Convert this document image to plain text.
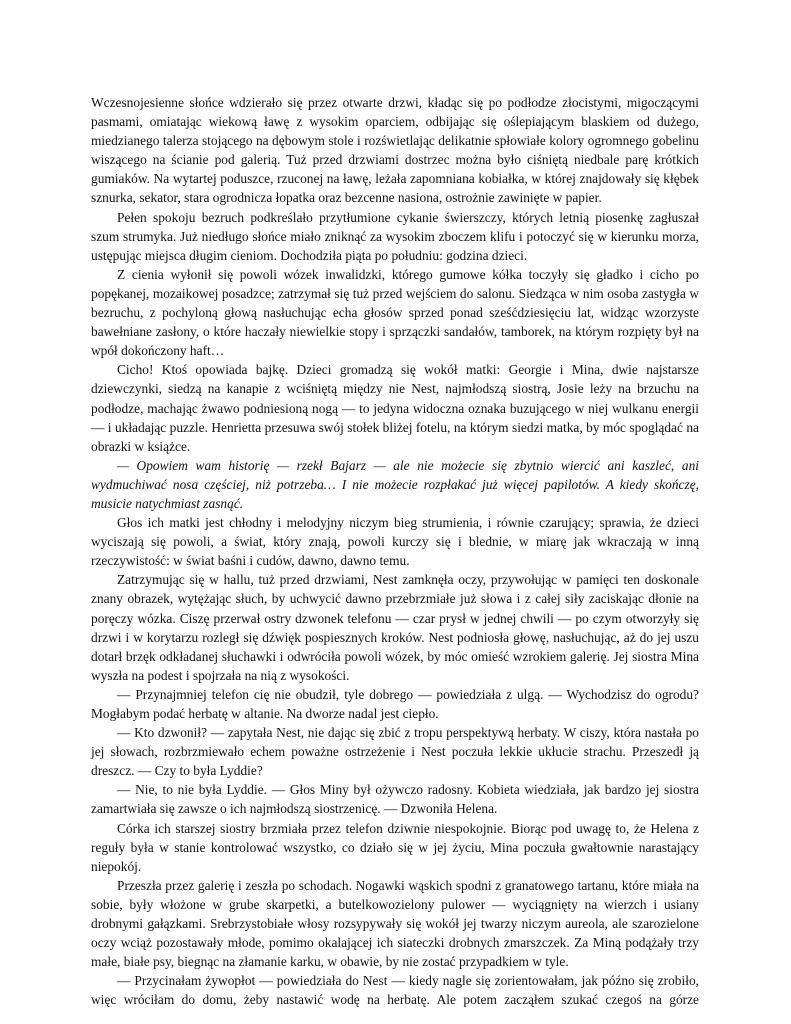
Wczesnojesienne słońce wdzierało się przez otwarte drzwi, kładąc się po podłodze złocistymi, migoczącymi pasmami, omiatając wiekową ławę z wysokim oparciem, odbijając się oślepiającym blaskiem od dużego, miedzianego talerza stojącego na dębowym stole i rozświetlając delikatnie spłowiałe kolory ogromnego gobelinu wiszącego na ścianie pod galerią. Tuż przed drzwiami dostrzec można było ciśniętą niedbale parę krótkich gumiaków. Na wytartej poduszce, rzuconej na ławę, leżała zapomniana kobiałka, w której znajdowały się kłębek sznurka, sekator, stara ogrodnicza łopatka oraz bezcenne nasiona, ostrożnie zawinięte w papier.

Pełen spokoju bezruch podkreślało przytłumione cykanie świerszczy, których letnią piosenkę zagłuszał szum strumyka. Już niedługo słońce miało zniknąć za wysokim zboczem klifu i potoczyć się w kierunku morza, ustępując miejsca długim cieniom. Dochodziła piąta po południu: godzina dzieci.

Z cienia wyłonił się powoli wózek inwalidzki, którego gumowe kółka toczyły się gładko i cicho po popękanej, mozaikowej posadzce; zatrzymał się tuż przed wejściem do salonu. Siedząca w nim osoba zastygła w bezruchu, z pochyloną głową nasłuchując echa głosów sprzed ponad sześćdziesięciu lat, widząc wzorzyste bawełniane zasłony, o które haczały niewielkie stopy i sprzączki sandałów, tamborek, na którym rozpięty był na wpół dokończony haft…

Cicho! Ktoś opowiada bajkę. Dzieci gromadzą się wokół matki: Georgie i Mina, dwie najstarsze dziewczynki, siedzą na kanapie z wciśniętą między nie Nest, najmłodszą siostrą, Josie leży na brzuchu na podłodze, machając żwawo podniesioną nogą — to jedyna widoczna oznaka buzującego w niej wulkanu energii — i układając puzzle. Henrietta przesuwa swój stołek bliżej fotelu, na którym siedzi matka, by móc spoglądać na obrazki w książce.

— Opowiem wam historię — rzekł Bajarz — ale nie możecie się zbytnio wiercić ani kaszleć, ani wydmuchiwać nosa częściej, niż potrzeba… I nie możecie rozpłakać już więcej papilotów. A kiedy skończę, musicie natychmiast zasnąć.

Głos ich matki jest chłodny i melodyjny niczym bieg strumienia, i równie czarujący; sprawia, że dzieci wyciszają się powoli, a świat, który znają, powoli kurczy się i blednie, w miarę jak wkraczają w inną rzeczywistość: w świat baśni i cudów, dawno, dawno temu.

Zatrzymując się w hallu, tuż przed drzwiami, Nest zamknęła oczy, przywołując w pamięci ten doskonale znany obrazek, wytężając słuch, by uchwycić dawno przebrzmiałe już słowa i z całej siły zaciskając dłonie na poręczy wózka. Ciszę przerwał ostry dzwonek telefonu — czar prysł w jednej chwili — po czym otworzyły się drzwi i w korytarzu rozległ się dźwięk pospiesznych kroków. Nest podniosła głowę, nasłuchując, aż do jej uszu dotarł brzęk odkładanej słuchawki i odwróciła powoli wózek, by móc omieść wzrokiem galerię. Jej siostra Mina wyszła na podest i spojrzała na nią z wysokości.

— Przynajmniej telefon cię nie obudził, tyle dobrego — powiedziała z ulgą. — Wychodzisz do ogrodu? Mogłabym podać herbatę w altanie. Na dworze nadal jest ciepło.

— Kto dzwonił? — zapytała Nest, nie dając się zbić z tropu perspektywą herbaty. W ciszy, która nastała po jej słowach, rozbrzmiewało echem poważne ostrzeżenie i Nest poczuła lekkie ukłucie strachu. Przeszedł ją dreszcz. — Czy to była Lyddie?

— Nie, to nie była Lyddie. — Głos Miny był ożywczo radosny. Kobieta wiedziała, jak bardzo jej siostra zamartwiała się zawsze o ich najmłodszą siostrzenicę. — Dzwoniła Helena.

Córka ich starszej siostry brzmiała przez telefon dziwnie niespokojnie. Biorąc pod uwagę to, że Helena z reguły była w stanie kontrolować wszystko, co działo się w jej życiu, Mina poczuła gwałtownie narastający niepokój.

Przeszła przez galerię i zeszła po schodach. Nogawki wąskich spodni z granatowego tartanu, które miała na sobie, były włożone w grube skarpetki, a butelkowozielony pulower — wyciągnięty na wierzch i usiany drobnymi gałązkami. Srebrzystobiałe włosy rozsypywały się wokół jej twarzy niczym aureola, ale szarozielone oczy wciąż pozostawały młode, pomimo okalającej ich siateczki drobnych zmarszczek. Za Miną podążały trzy małe, białe psy, biegnąc na złamanie karku, w obawie, by nie zostać przypadkiem w tyle.

— Przycinałam żywopłot — powiedziała do Nest — kiedy nagle się zorientowałam, jak późno się zrobiło, więc wróciłam do domu, żeby nastawić wodę na herbatę. Ale potem zacząłem szukać czegoś na górze
